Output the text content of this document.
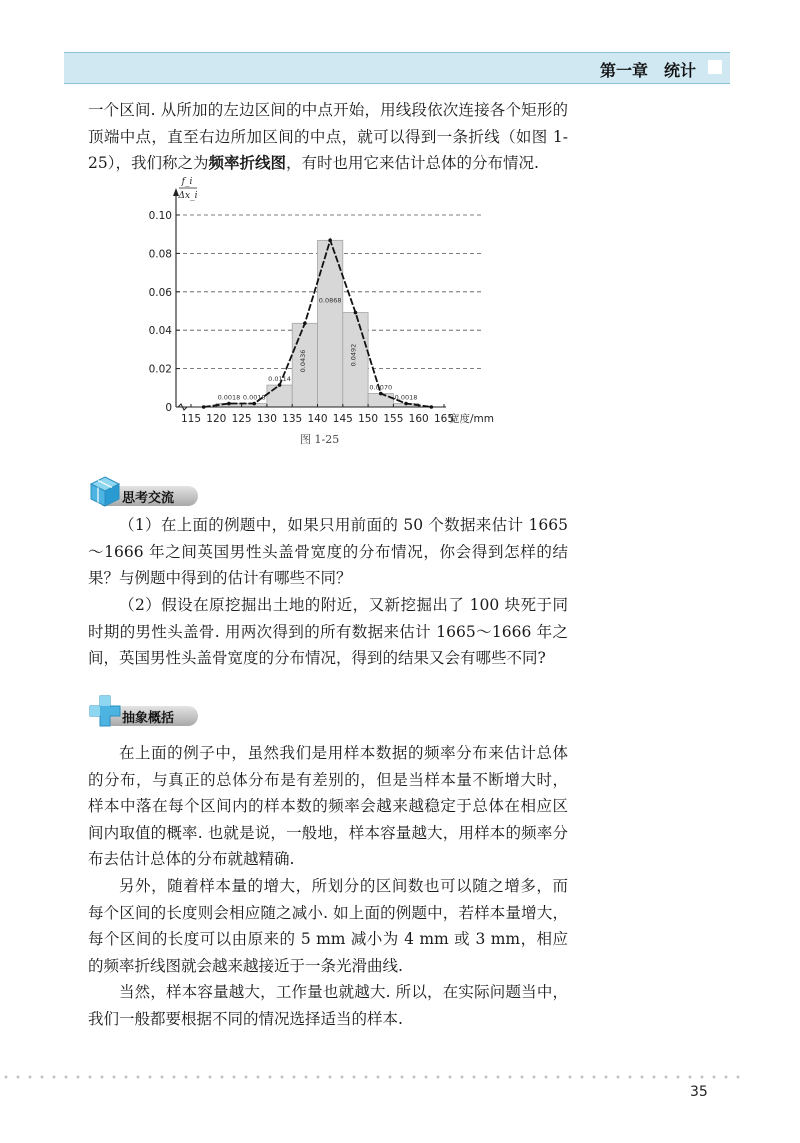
第一章　统计

一个区间. 从所加的左边区间的中点开始，用线段依次连接各个矩形的顶端中点，直至右边所加区间的中点，就可以得到一条折线（如图 1-25），我们称之为频率折线图，有时也用它来估计总体的分布情况.

0.10
0.08
0.06
0.04
0.02
0
115 120 125 130 135 140 145 150 155 160 165
宽度/mm
f_i
Δx_i
0.0018 0.0018
0.0114
0.0436
0.0868
0.0492
0.0070
0.0018
图 1-25
思考交流

（1）在上面的例题中，如果只用前面的 50 个数据来估计 1665～1666 年之间英国男性头盖骨宽度的分布情况，你会得到怎样的结果？与例题中得到的估计有哪些不同？

（2）假设在原挖掘出土地的附近，又新挖掘出了 100 块死于同时期的男性头盖骨. 用两次得到的所有数据来估计 1665～1666 年之间，英国男性头盖骨宽度的分布情况，得到的结果又会有哪些不同?

抽象概括

在上面的例子中，虽然我们是用样本数据的频率分布来估计总体的分布，与真正的总体分布是有差别的，但是当样本量不断增大时，样本中落在每个区间内的样本数的频率会越来越稳定于总体在相应区间内取值的概率. 也就是说，一般地，样本容量越大，用样本的频率分布去估计总体的分布就越精确.

另外，随着样本量的增大，所划分的区间数也可以随之增多，而每个区间的长度则会相应随之减小. 如上面的例题中，若样本量增大，每个区间的长度可以由原来的 5 mm 减小为 4 mm 或 3 mm，相应的频率折线图就会越来越接近于一条光滑曲线.

当然，样本容量越大，工作量也就越大. 所以，在实际问题当中，我们一般都要根据不同的情况选择适当的样本.

35
